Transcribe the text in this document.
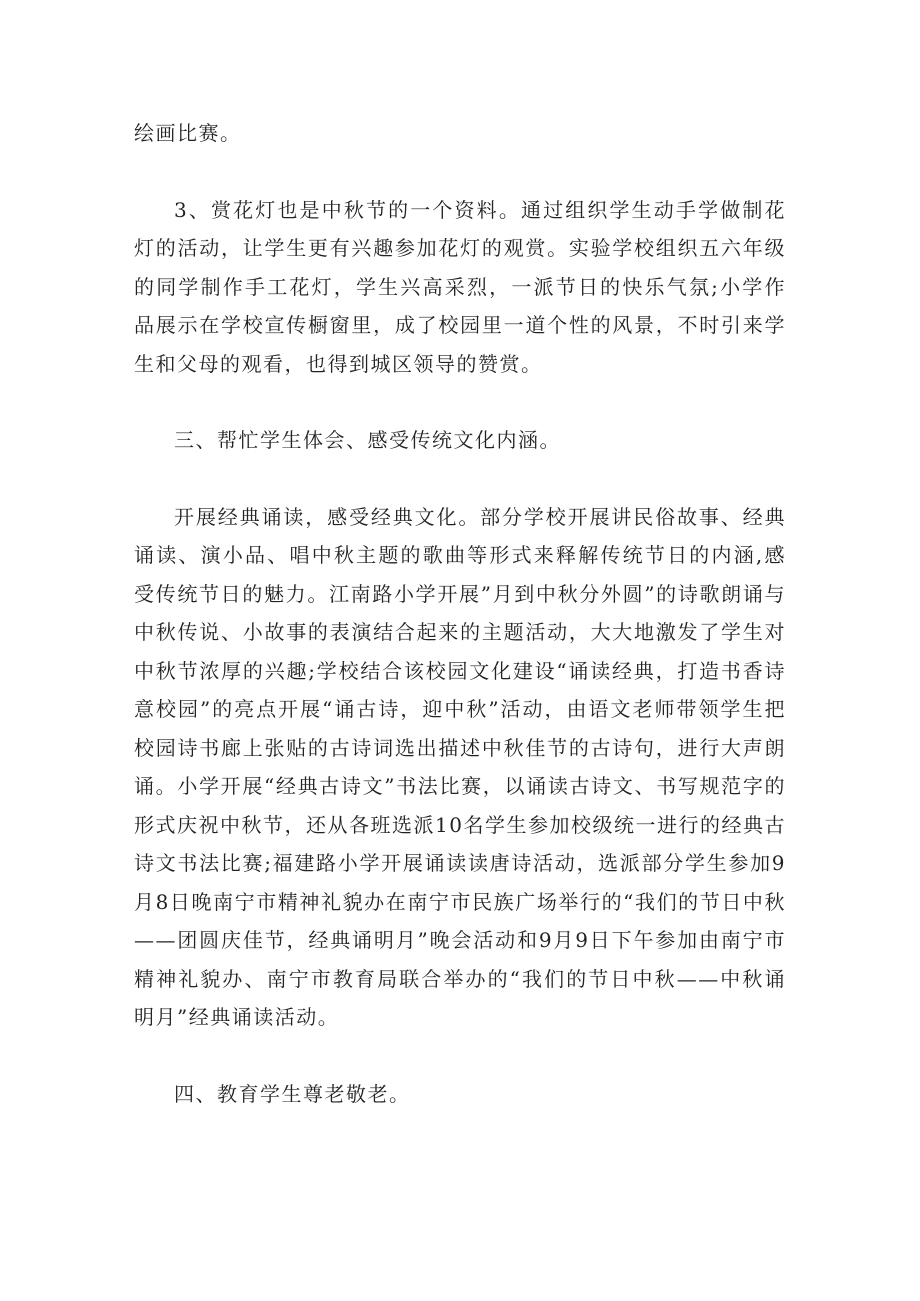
绘画比赛。

3、赏花灯也是中秋节的一个资料。通过组织学生动手学做制花灯的活动，让学生更有兴趣参加花灯的观赏。实验学校组织五六年级的同学制作手工花灯，学生兴高采烈，一派节日的快乐气氛;小学作品展示在学校宣传橱窗里，成了校园里一道个性的风景，不时引来学生和父母的观看，也得到城区领导的赞赏。

三、帮忙学生体会、感受传统文化内涵。

开展经典诵读，感受经典文化。部分学校开展讲民俗故事、经典诵读、演小品、唱中秋主题的歌曲等形式来释解传统节日的内涵,感受传统节日的魅力。江南路小学开展”月到中秋分外圆”的诗歌朗诵与中秋传说、小故事的表演结合起来的主题活动，大大地激发了学生对中秋节浓厚的兴趣;学校结合该校园文化建设“诵读经典，打造书香诗意校园”的亮点开展“诵古诗，迎中秋”活动，由语文老师带领学生把校园诗书廊上张贴的古诗词选出描述中秋佳节的古诗句，进行大声朗诵。小学开展“经典古诗文”书法比赛，以诵读古诗文、书写规范字的形式庆祝中秋节，还从各班选派10名学生参加校级统一进行的经典古诗文书法比赛;福建路小学开展诵读读唐诗活动，选派部分学生参加9月8日晚南宁市精神礼貌办在南宁市民族广场举行的“我们的节日中秋——团圆庆佳节，经典诵明月”晚会活动和9月9日下午参加由南宁市精神礼貌办、南宁市教育局联合举办的“我们的节日中秋——中秋诵明月”经典诵读活动。

四、教育学生尊老敬老。
